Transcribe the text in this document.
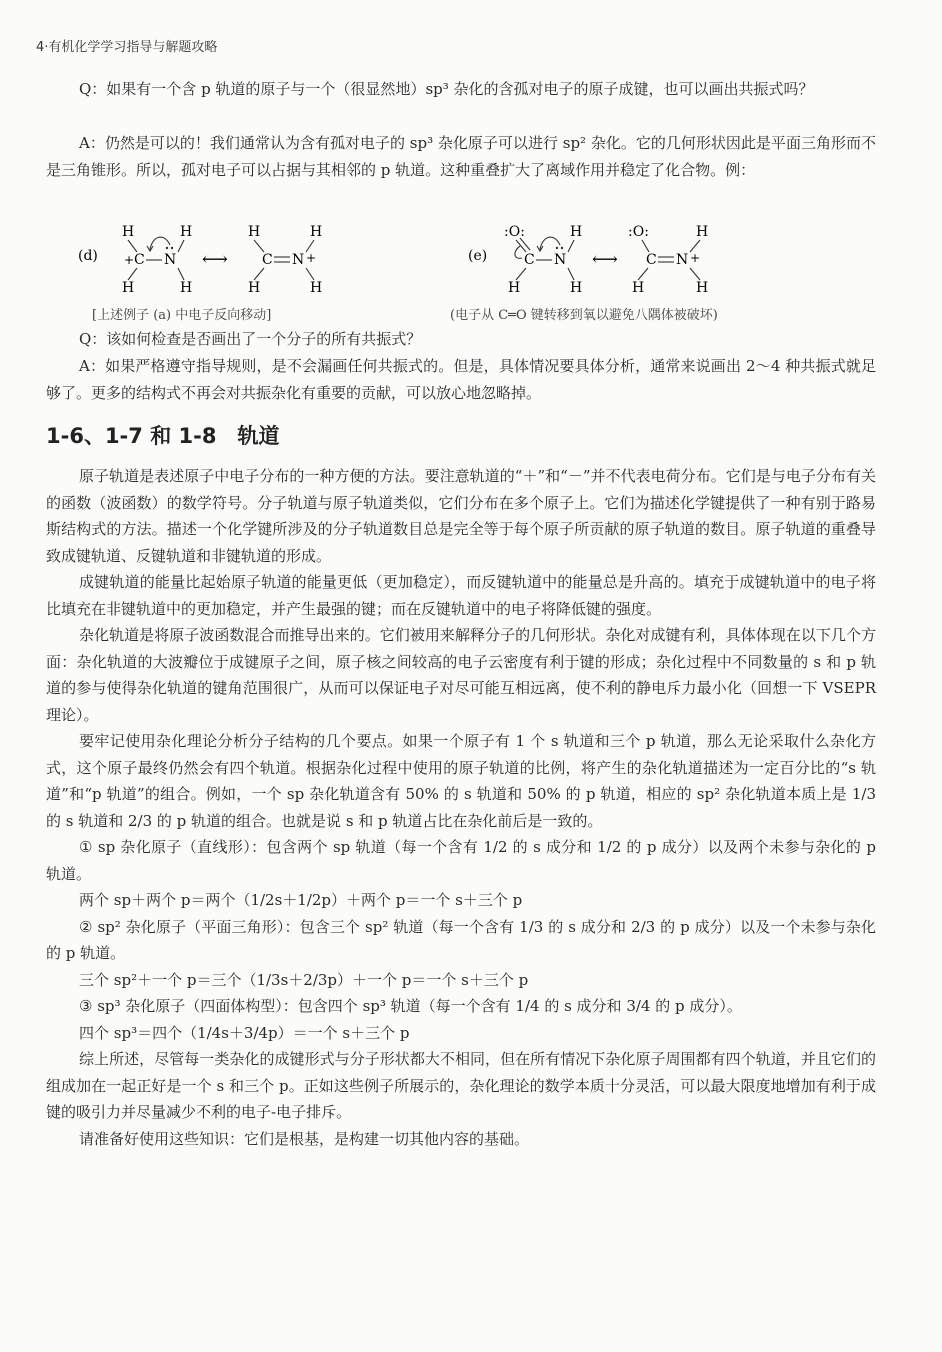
4·有机化学学习指导与解题攻略

Q：如果有一个含 p 轨道的原子与一个（很显然地）sp³ 杂化的含孤对电子的原子成键，也可以画出共振式吗？

A：仍然是可以的！我们通常认为含有孤对电子的 sp³ 杂化原子可以进行 sp² 杂化。它的几何形状因此是平面三角形而不是三角锥形。所以，孤对电子可以占据与其相邻的 p 轨道。这种重叠扩大了离域作用并稳定了化合物。例：

(d)
H	H
+ C N
H	H
⟷
H	H
C N +
H	H
(e)
:O:	H
C N
H	H
⟷
:O:	H
C N +
H	H
[上述例子 (a) 中电子反向移动]	(电子从 C═O 键转移到氧以避免八隅体被破坏)

Q：该如何检查是否画出了一个分子的所有共振式？

A：如果严格遵守指导规则，是不会漏画任何共振式的。但是，具体情况要具体分析，通常来说画出 2～4 种共振式就足够了。更多的结构式不再会对共振杂化有重要的贡献，可以放心地忽略掉。

1-6、1-7 和 1-8　轨道

原子轨道是表述原子中电子分布的一种方便的方法。要注意轨道的“＋”和“－”并不代表电荷分布。它们是与电子分布有关的函数（波函数）的数学符号。分子轨道与原子轨道类似，它们分布在多个原子上。它们为描述化学键提供了一种有别于路易斯结构式的方法。描述一个化学键所涉及的分子轨道数目总是完全等于每个原子所贡献的原子轨道的数目。原子轨道的重叠导致成键轨道、反键轨道和非键轨道的形成。

成键轨道的能量比起始原子轨道的能量更低（更加稳定），而反键轨道中的能量总是升高的。填充于成键轨道中的电子将比填充在非键轨道中的更加稳定，并产生最强的键；而在反键轨道中的电子将降低键的强度。

杂化轨道是将原子波函数混合而推导出来的。它们被用来解释分子的几何形状。杂化对成键有利，具体体现在以下几个方面：杂化轨道的大波瓣位于成键原子之间，原子核之间较高的电子云密度有利于键的形成；杂化过程中不同数量的 s 和 p 轨道的参与使得杂化轨道的键角范围很广，从而可以保证电子对尽可能互相远离，使不利的静电斥力最小化（回想一下 VSEPR 理论）。

要牢记使用杂化理论分析分子结构的几个要点。如果一个原子有 1 个 s 轨道和三个 p 轨道，那么无论采取什么杂化方式，这个原子最终仍然会有四个轨道。根据杂化过程中使用的原子轨道的比例，将产生的杂化轨道描述为一定百分比的“s 轨道”和“p 轨道”的组合。例如，一个 sp 杂化轨道含有 50% 的 s 轨道和 50% 的 p 轨道，相应的 sp² 杂化轨道本质上是 1/3 的 s 轨道和 2/3 的 p 轨道的组合。也就是说 s 和 p 轨道占比在杂化前后是一致的。

① sp 杂化原子（直线形）：包含两个 sp 轨道（每一个含有 1/2 的 s 成分和 1/2 的 p 成分）以及两个未参与杂化的 p 轨道。

两个 sp＋两个 p＝两个（1/2s＋1/2p）＋两个 p＝一个 s＋三个 p

② sp² 杂化原子（平面三角形）：包含三个 sp² 轨道（每一个含有 1/3 的 s 成分和 2/3 的 p 成分）以及一个未参与杂化的 p 轨道。

三个 sp²＋一个 p＝三个（1/3s＋2/3p）＋一个 p＝一个 s＋三个 p

③ sp³ 杂化原子（四面体构型）：包含四个 sp³ 轨道（每一个含有 1/4 的 s 成分和 3/4 的 p 成分）。

四个 sp³＝四个（1/4s＋3/4p）＝一个 s＋三个 p

综上所述，尽管每一类杂化的成键形式与分子形状都大不相同，但在所有情况下杂化原子周围都有四个轨道，并且它们的组成加在一起正好是一个 s 和三个 p。正如这些例子所展示的，杂化理论的数学本质十分灵活，可以最大限度地增加有利于成键的吸引力并尽量减少不利的电子-电子排斥。

请准备好使用这些知识：它们是根基，是构建一切其他内容的基础。
